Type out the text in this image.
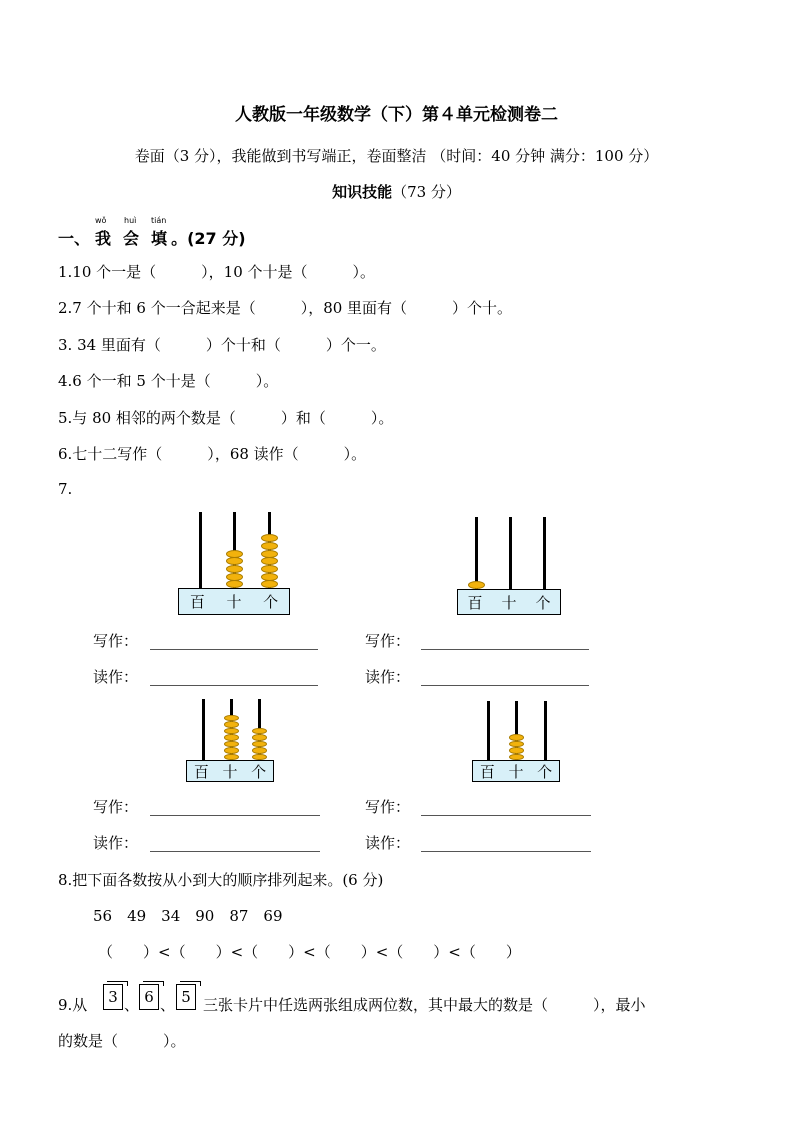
人教版一年级数学（下）第４单元检测卷二
卷面（3 分），我能做到书写端正，卷面整洁 （时间：40 分钟 满分：100 分）
知识技能（73 分）
一、 我 会 填 。(27 分)
wǒ huì tián
1.10 个一是（　　　），10 个十是（　　　）。
2.7 个十和 6 个一合起来是（　　　），80 里面有（　　　）个十。
3. 34 里面有（　　　）个十和（　　　）个一。
4.6 个一和 5 个十是（　　　）。
5.与 80 相邻的两个数是（　　　）和（　　　）。
6.七十二写作（　　　），68 读作（　　　）。
7.
百 十 个	百 十 个
写作：	写作：
读作：	读作：
百 十 个	百 十 个
写作：	写作：
读作：	读作：
8.把下面各数按从小到大的顺序排列起来。(6 分)
56　49　34　90　87　69
（　　）<（　　）<（　　）<（　　）<（　　）<（　　）
9.从	3 、 6 、 5 三张卡片中任选两张组成两位数，其中最大的数是（　　　），最小
的数是（　　　）。
